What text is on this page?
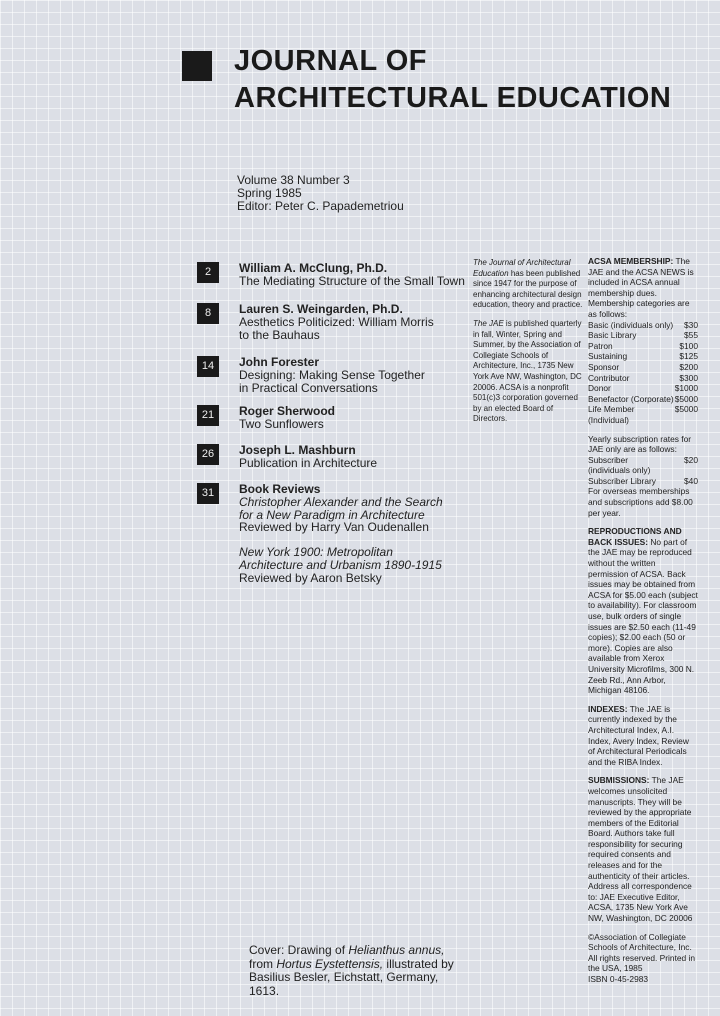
JOURNAL OF
ARCHITECTURAL EDUCATION
Volume 38 Number 3
Spring 1985
Editor: Peter C. Papademetriou
2	William A. McClung, Ph.D.
The Mediating Structure of the Small Town
8	Lauren S. Weingarden, Ph.D.
Aesthetics Politicized: William Morris
to the Bauhaus
14	John Forester
Designing: Making Sense Together
in Practical Conversations
21	Roger Sherwood
Two Sunflowers
26	Joseph L. Mashburn
Publication in Architecture
31	Book Reviews
Christopher Alexander and the Search
for a New Paradigm in Architecture
Reviewed by Harry Van Oudenallen
New York 1900: Metropolitan
Architecture and Urbanism 1890-1915
Reviewed by Aaron Betsky

The Journal of Architectural Education has been published since 1947 for the purpose of enhancing architectural design education, theory and practice.

The JAE is published quarterly in fall, Winter, Spring and Summer, by the Association of Collegiate Schools of Architecture, Inc., 1735 New York Ave NW, Washington, DC 20006. ACSA is a nonprofit 501(c)3 corporation governed by an elected Board of Directors.

ACSA MEMBERSHIP: The JAE and the ACSA NEWS is included in ACSA annual membership dues. Membership categories are as follows:

Basic (individuals only) $30
Basic Library	$55
Patron	$100
Sustaining	$125
Sponsor	$200
Contributor	$300
Donor	$1000
Benefactor (Corporate) $5000
Life Member (Individual)
$5000
Yearly subscription rates for JAE only are as follows:
Subscriber	$20
(individuals only)
Subscriber Library	$40

For overseas memberships and subscriptions add $8.00 per year.

REPRODUCTIONS AND BACK ISSUES: No part of the JAE may be reproduced without the written permission of ACSA. Back issues may be obtained from ACSA for $5.00 each (subject to availability). For classroom use, bulk orders of single issues are $2.50 each (11-49 copies); $2.00 each (50 or more). Copies are also available from Xerox University Microfilms, 300 N. Zeeb Rd., Ann Arbor, Michigan 48106.

INDEXES: The JAE is currently indexed by the Architectural Index, A.I. Index, Avery Index, Review of Architectural Periodicals and the RIBA Index.

SUBMISSIONS: The JAE welcomes unsolicited manuscripts. They will be reviewed by the appropriate members of the Editorial Board. Authors take full responsibility for securing required consents and releases and for the authenticity of their articles. Address all correspondence to: JAE Executive Editor, ACSA, 1735 New York Ave NW, Washington, DC 20006

©Association of Collegiate Schools of Architecture, Inc. All rights reserved. Printed in the USA, 1985
ISBN 0-45-2983

Cover: Drawing of Helianthus annus, from Hortus Eystettensis, illustrated by Basilius Besler, Eichstatt, Germany, 1613.
